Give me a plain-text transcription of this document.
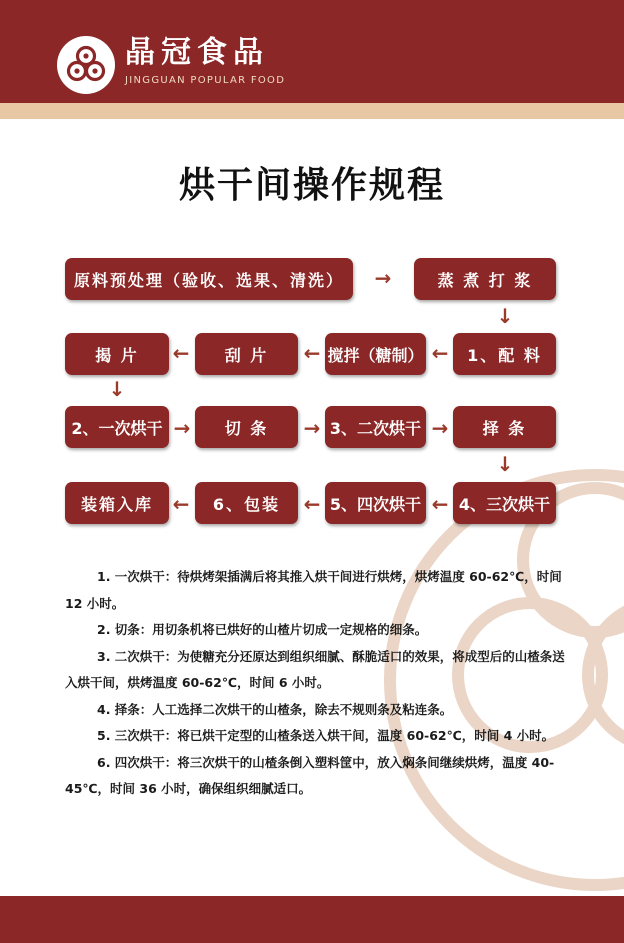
晶冠食品
JINGGUAN POPULAR FOOD
烘干间操作规程
原料预处理（验收、选果、清洗）	→	蒸 煮 打 浆
↓
1、配 料
←
搅拌（糖制）
←
刮 片
←
揭 片
↓
2、一次烘干 →	切 条	→ 3、二次烘干 →	择 条
↓
4、三次烘干
←
5、四次烘干
←
6、包装
←
装箱入库

1. 一次烘干：待烘烤架插满后将其推入烘干间进行烘烤，烘烤温度 60-62℃，时间 12 小时。

2. 切条：用切条机将已烘好的山楂片切成一定规格的细条。

3. 二次烘干：为使糖充分还原达到组织细腻、酥脆适口的效果，将成型后的山楂条送入烘干间，烘烤温度 60-62℃，时间 6 小时。

4. 择条：人工选择二次烘干的山楂条，除去不规则条及粘连条。

5. 三次烘干：将已烘干定型的山楂条送入烘干间，温度 60-62℃，时间 4 小时。

6. 四次烘干：将三次烘干的山楂条倒入塑料筐中，放入焖条间继续烘烤，温度 40-45℃，时间 36 小时，确保组织细腻适口。
